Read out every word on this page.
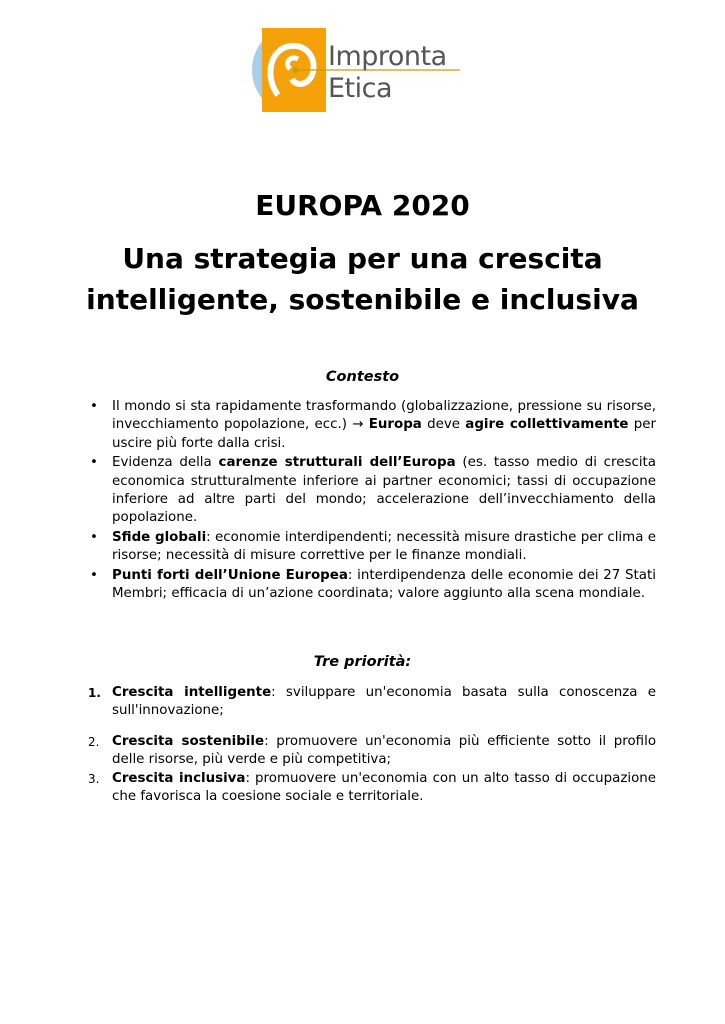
Impronta
Etica
EUROPA 2020
Una strategia per una crescita intelligente, sostenibile e inclusiva
Contesto
• Il mondo si sta rapidamente trasformando (globalizzazione, pressione su risorse, invecchiamento popolazione, ecc.) → Europa deve agire collettivamente per uscire più forte dalla crisi.
• Evidenza della carenze strutturali dell’Europa (es. tasso medio di crescita economica strutturalmente inferiore ai partner economici; tassi di occupazione inferiore ad altre parti del mondo; accelerazione dell’invecchiamento della popolazione.
• Sfide globali: economie interdipendenti; necessità misure drastiche per clima e risorse; necessità di misure correttive per le finanze mondiali.
• Punti forti dell’Unione Europea: interdipendenza delle economie dei 27 Stati Membri; efficacia di un’azione coordinata; valore aggiunto alla scena mondiale.
Tre priorità:
1. Crescita intelligente: sviluppare un'economia basata sulla conoscenza e sull'innovazione;
2. Crescita sostenibile: promuovere un'economia più efficiente sotto il profilo delle risorse, più verde e più competitiva;
3. Crescita inclusiva: promuovere un'economia con un alto tasso di occupazione che favorisca la coesione sociale e territoriale.
